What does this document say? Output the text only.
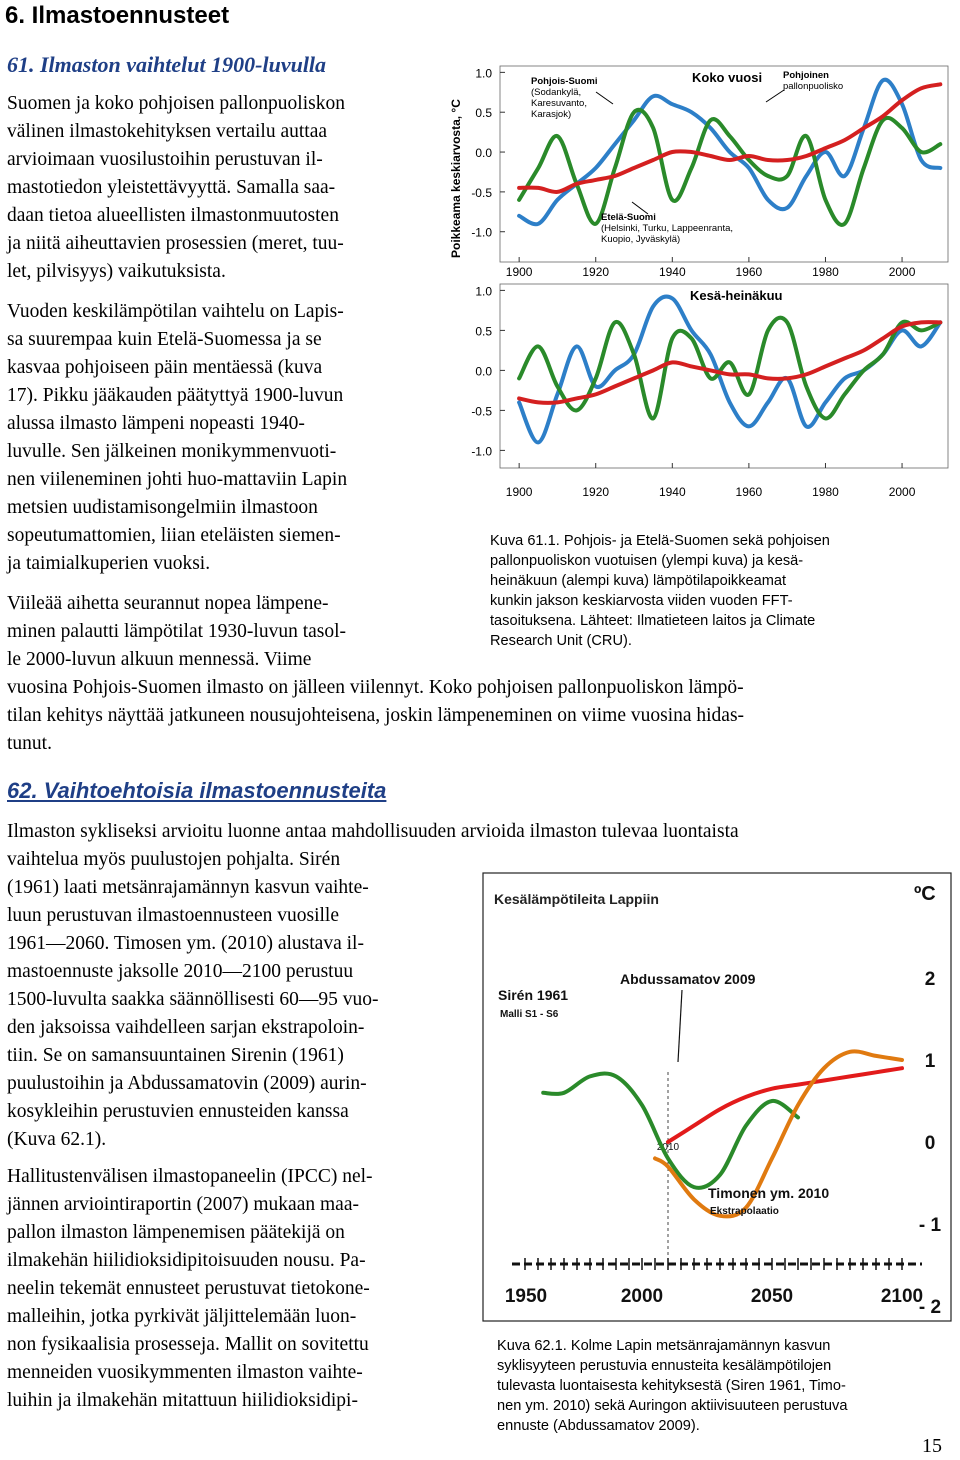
6. Ilmastoennusteet
61. Ilmaston vaihtelut 1900-luvulla
Suomen ja koko pohjoisen pallonpuoliskon
välinen ilmastokehityksen vertailu auttaa
arvioimaan vuosilustoihin perustuvan il-
mastotiedon yleistettävyyttä. Samalla saa-
daan tietoa alueellisten ilmastonmuutosten
ja niitä aiheuttavien prosessien (meret, tuu-
let, pilvisyys) vaikutuksista.
Vuoden keskilämpötilan vaihtelu on Lapis-
sa suurempaa kuin Etelä-Suomessa ja se
kasvaa pohjoiseen päin mentäessä (kuva
17). Pikku jääkauden päätyttyä 1900-luvun
alussa ilmasto lämpeni nopeasti 1940-
luvulle. Sen jälkeinen monikymmenvuoti-
nen viileneminen johti huo-mattaviin Lapin
metsien uudistamisongelmiin ilmastoon
sopeutumattomien, liian eteläisten siemen-
ja taimialkuperien vuoksi.
Viileää aihetta seurannut nopea lämpene-
minen palautti lämpötilat 1930-luvun tasol-
le 2000-luvun alkuun mennessä. Viime
vuosina Pohjois-Suomen ilmasto on jälleen viilennyt. Koko pohjoisen pallonpuoliskon lämpö-
tilan kehitys näyttää jatkuneen nousujohteisena, joskin lämpeneminen on viime vuosina hidas-
tunut.
1.0
0.5
0.0
-0.5
-1.0
1900	1920	1940	1960	1980	2000
Koko vuosi
1.0
0.5
0.0
-0.5
-1.0
1900	1920	1940	1960	1980	2000
Kesä-heinäkuu
Poikkeama keskiarvosta, °C
Pohjois-Suomi
(Sodankylä,
Karesuvanto,
Karasjok)
Pohjoinen
pallonpuolisko
Etelä-Suomi
(Helsinki, Turku, Lappeenranta,
Kuopio, Jyväskylä)
Kuva 61.1. Pohjois- ja Etelä-Suomen sekä pohjoisen
pallonpuoliskon vuotuisen (ylempi kuva) ja kesä-
heinäkuun (alempi kuva) lämpötilapoikkeamat
kunkin jakson keskiarvosta viiden vuoden FFT-
tasoituksena. Lähteet: Ilmatieteen laitos ja Climate
Research Unit (CRU).
62. Vaihtoehtoisia ilmastoennusteita
Ilmaston sykliseksi arvioitu luonne antaa mahdollisuuden arvioida ilmaston tulevaa luontaista
vaihtelua myös puulustojen pohjalta. Sirén
(1961) laati metsänrajamännyn kasvun vaihte-
luun perustuvan ilmastoennusteen vuosille
1961—2060. Timosen ym. (2010) alustava il-
mastoennuste jaksolle 2010—2100 perustuu
1500-luvulta saakka säännöllisesti 60—95 vuo-
den jaksoissa vaihdelleen sarjan ekstrapoloin-
tiin. Se on samansuuntainen Sirenin (1961)
puulustoihin ja Abdussamatovin (2009) aurin-
kosykleihin perustuvien ennusteiden kanssa
(Kuva 62.1).
Hallitustenvälisen ilmastopaneelin (IPCC) nel-
jännen arviointiraportin (2007) mukaan maa-
pallon ilmaston lämpenemisen päätekijä on
ilmakehän hiilidioksidipitoisuuden nousu. Pa-
neelin tekemät ennusteet perustuvat tietokone-
malleihin, jotka pyrkivät jäljittelemään luon-
non fysikaalisia prosesseja. Mallit on sovitettu
menneiden vuosikymmenten ilmaston vaihte-
luihin ja ilmakehän mitattuun hiilidioksidipi-
Kesälämpötileita Lappiin	ºC
2
1
0
- 1
- 2
2010
1950	2000	2050	2100
Sirén 1961
Malli S1 - S6
Abdussamatov 2009
Timonen ym. 2010
Ekstrapolaatio
Kuva 62.1. Kolme Lapin metsänrajamännyn kasvun
syklisyyteen perustuvia ennusteita kesälämpötilojen
tulevasta luontaisesta kehityksestä (Siren 1961, Timo-
nen ym. 2010) sekä Auringon aktiivisuuteen perustuva
ennuste (Abdussamatov 2009).
15
